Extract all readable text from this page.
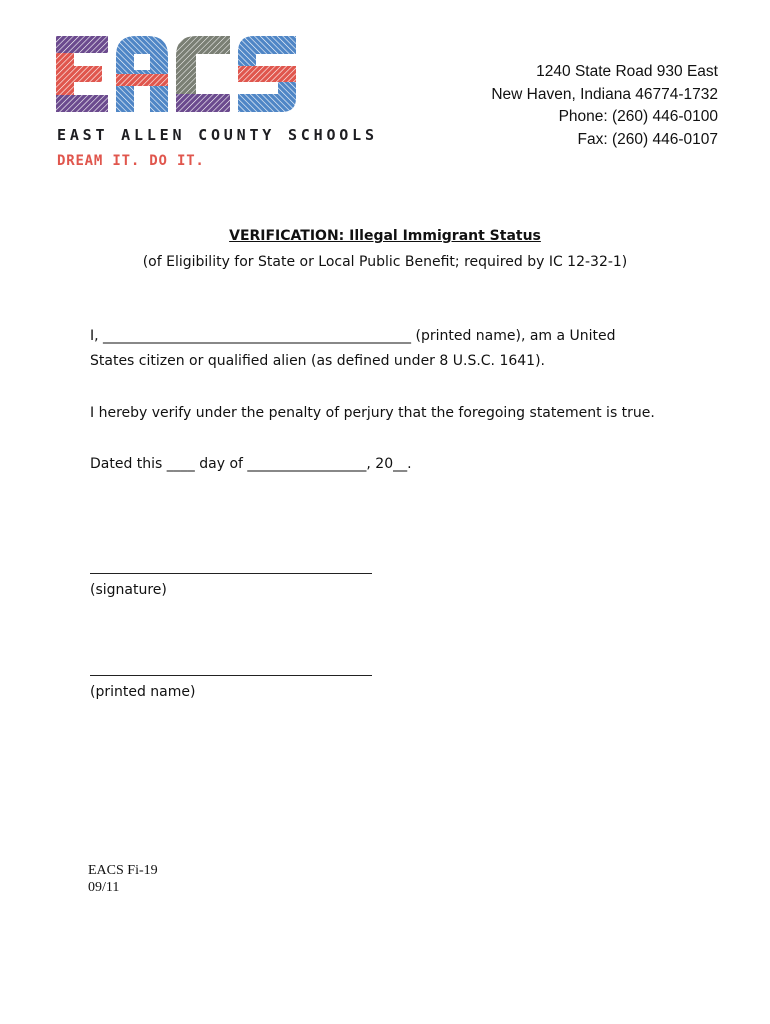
EAST ALLEN COUNTY SCHOOLS
DREAM IT. DO IT.
1240 State Road 930 East
New Haven, Indiana 46774-1732
Phone: (260) 446-0100
Fax: (260) 446-0107
VERIFICATION: Illegal Immigrant Status
(of Eligibility for State or Local Public Benefit; required by IC 12-32-1)
I, ____________________________________________ (printed name), am a United
States citizen or qualified alien (as defined under 8 U.S.C. 1641).
I hereby verify under the penalty of perjury that the foregoing statement is true.
Dated this ____ day of _________________, 20__.
(signature)
(printed name)
EACS Fi-19
09/11
